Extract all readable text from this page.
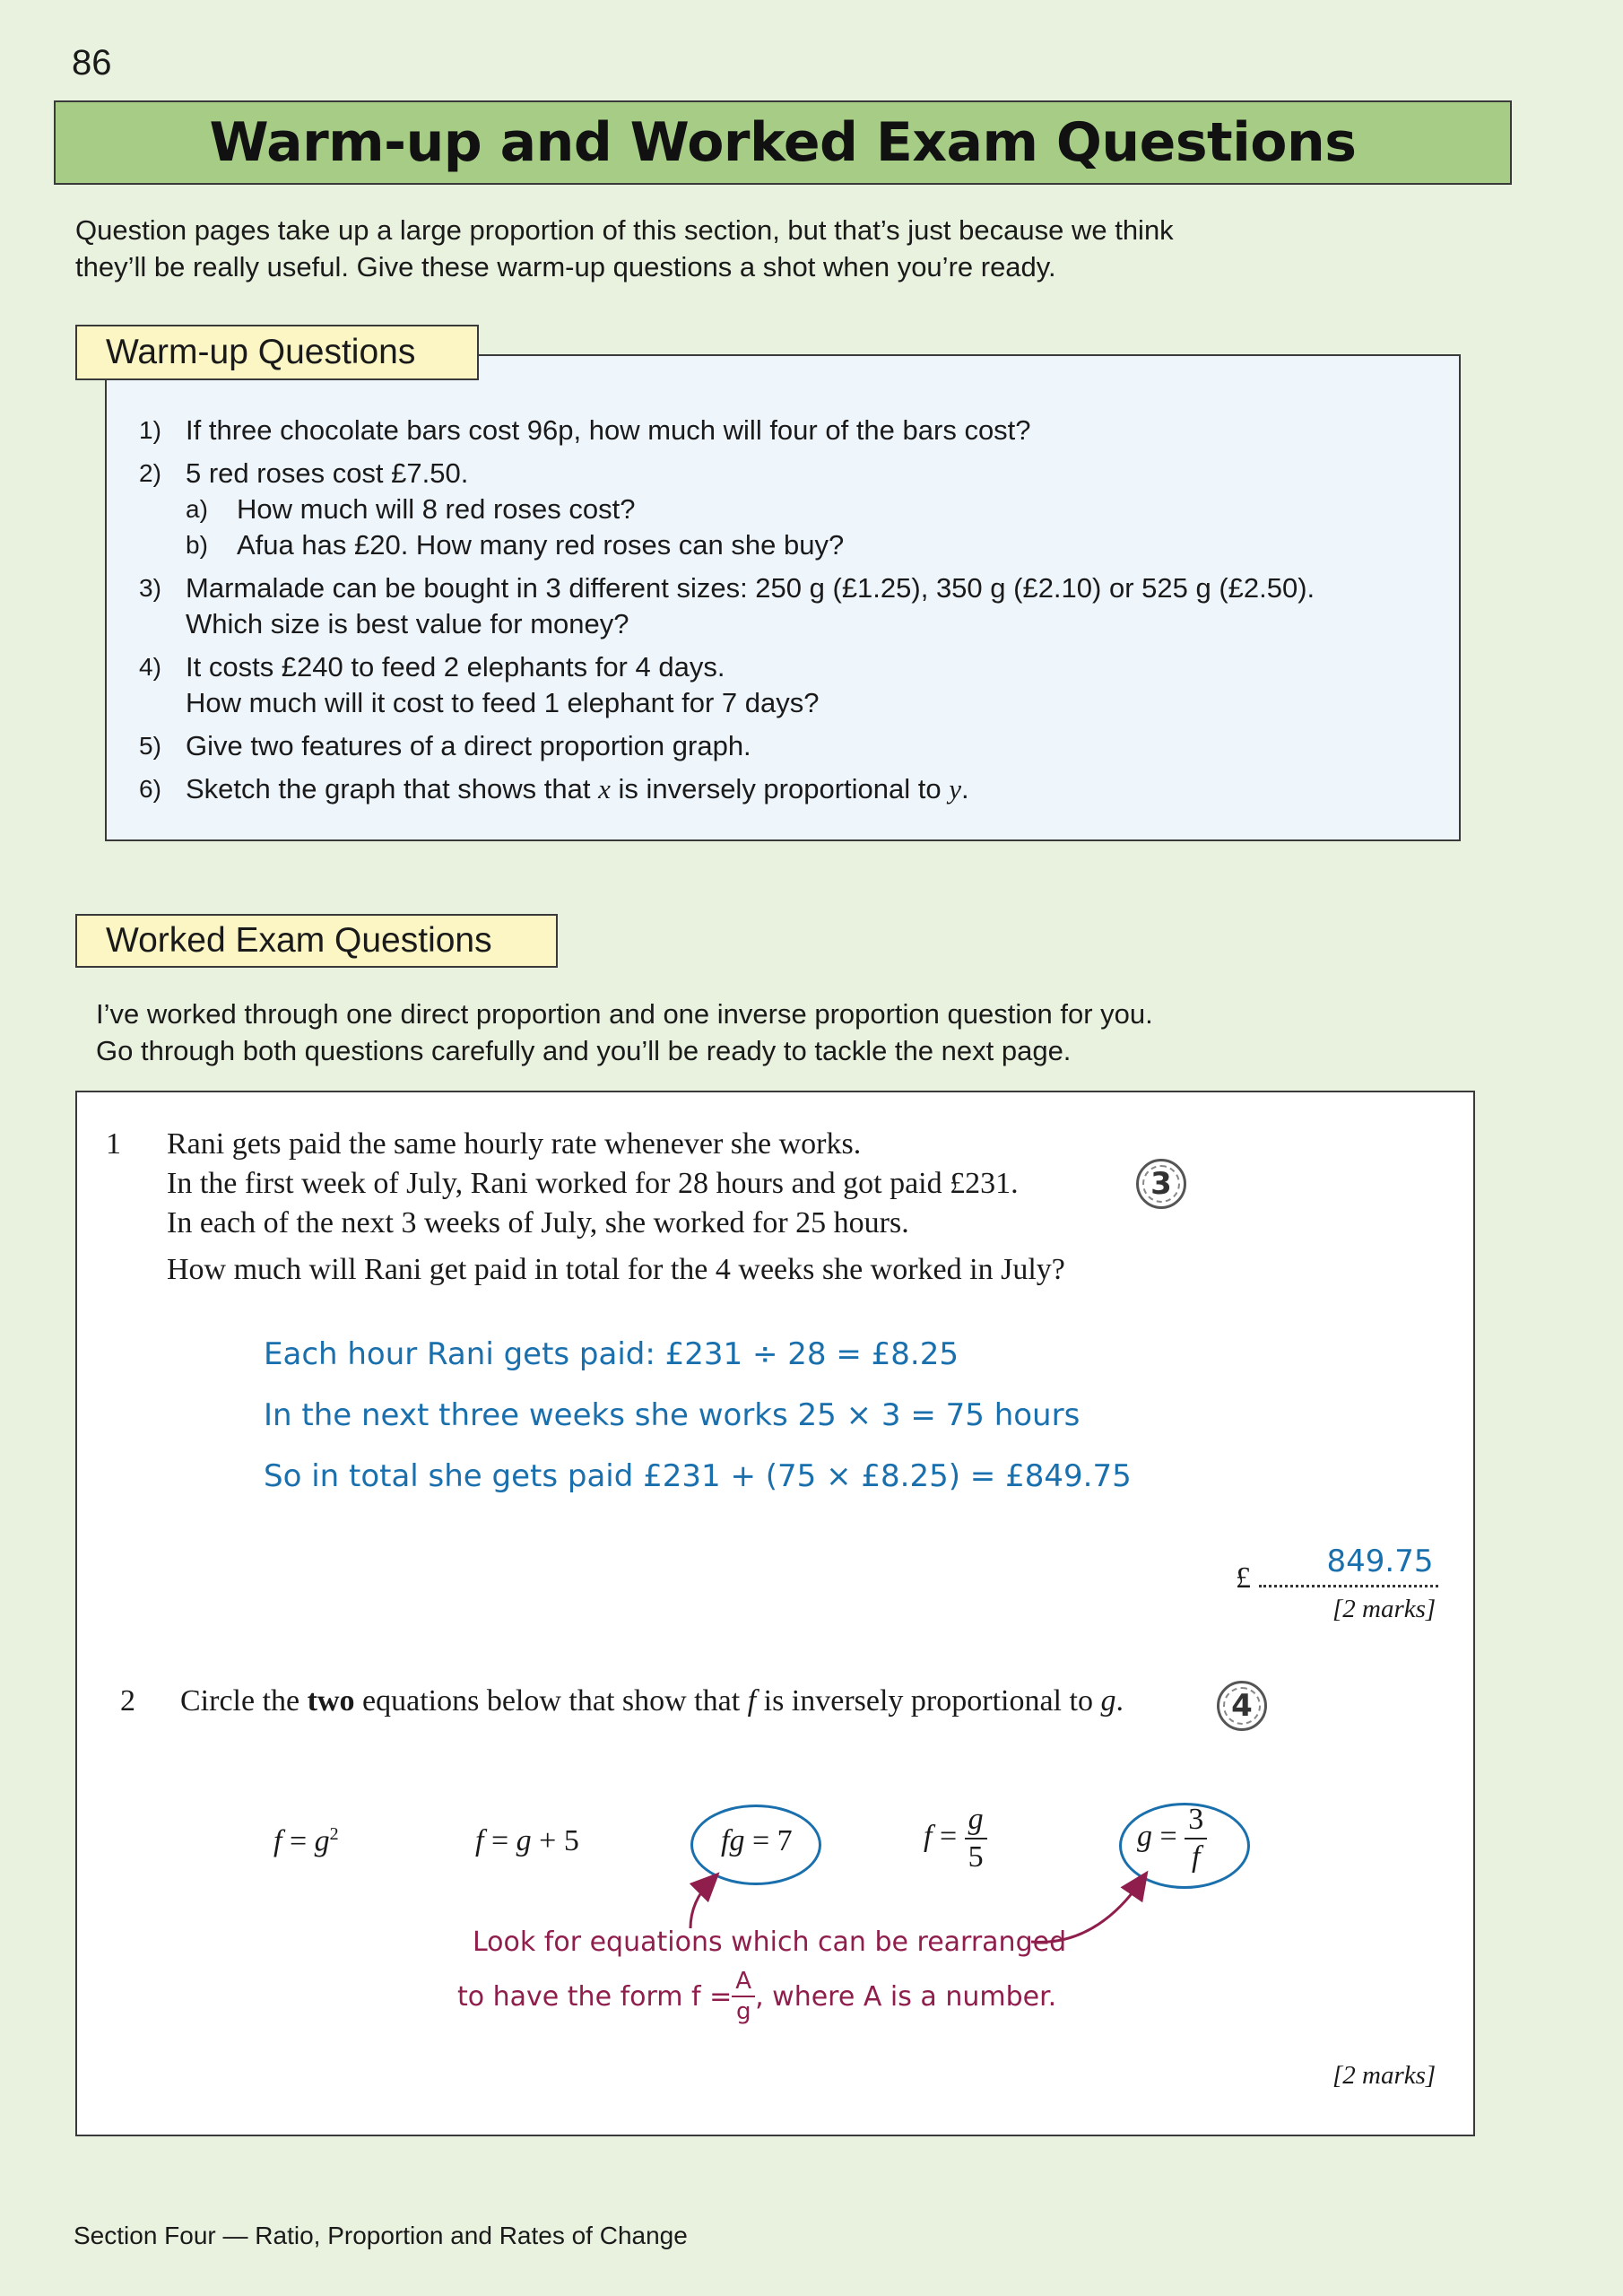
86
Warm-up and Worked Exam Questions
Question pages take up a large proportion of this section, but that’s just because we think
they’ll be really useful. Give these warm-up questions a shot when you’re ready.
Warm-up Questions
1) If three chocolate bars cost 96p, how much will four of the bars cost?
2) 5 red roses cost £7.50.
a) How much will 8 red roses cost?
b) Afua has £20. How many red roses can she buy?
3) Marmalade can be bought in 3 different sizes: 250 g (£1.25), 350 g (£2.10) or 525 g (£2.50).
Which size is best value for money?
4) It costs £240 to feed 2 elephants for 4 days.
How much will it cost to feed 1 elephant for 7 days?
5) Give two features of a direct proportion graph.
6) Sketch the graph that shows that x is inversely proportional to y.
Worked Exam Questions
I’ve worked through one direct proportion and one inverse proportion question for you.
Go through both questions carefully and you’ll be ready to tackle the next page.
1 Rani gets paid the same hourly rate whenever she works.
In the first week of July, Rani worked for 28 hours and got paid £231.
In each of the next 3 weeks of July, she worked for 25 hours.
How much will Rani get paid in total for the 4 weeks she worked in July?
3
Each hour Rani gets paid: £231 ÷ 28 = £8.25
In the next three weeks she works 25 × 3 = 75 hours
So in total she gets paid £231 + (75 × £8.25) = £849.75
£ 849.75
[2 marks]
2 Circle the two equations below that show that f is inversely proportional to g.	4
$f = g^2$	f = g + 5	fg = 7	$f = \frac{g}{5}$	$g = \frac{3}{f}$
Look for equations which can be rearranged
to have the form $f = \frac{A}{g}$ , where A is a number.
[2 marks]
Section Four — Ratio, Proportion and Rates of Change
